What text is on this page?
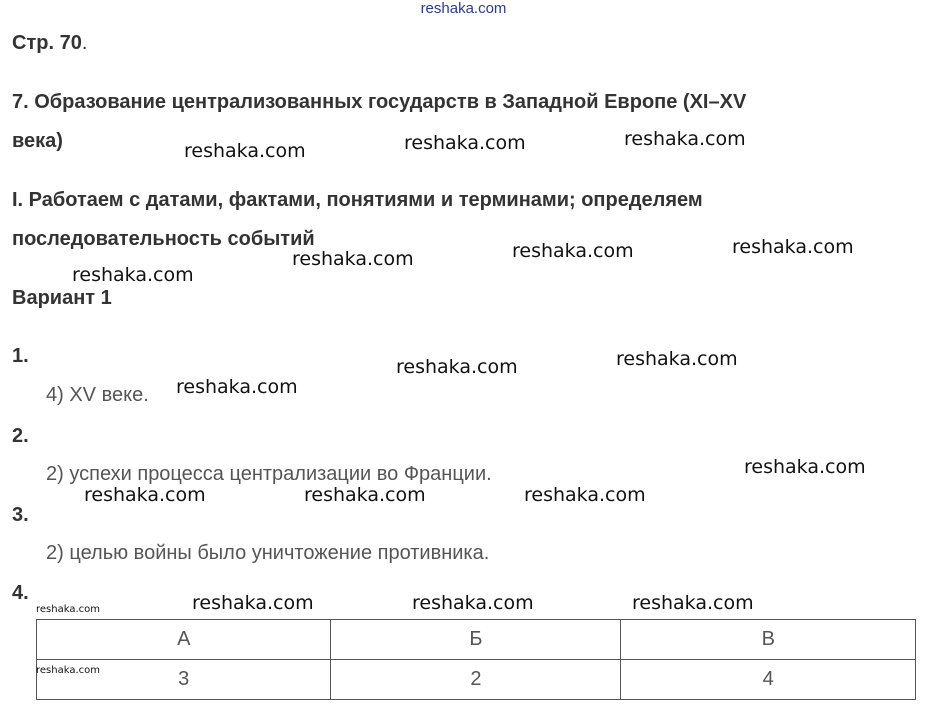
reshaka.com
Стр. 70.
7. Образование централизованных государств в Западной Европе (XI–XV
века)
I. Работаем с датами, фактами, понятиями и терминами; определяем
последовательность событий
Вариант 1
1.
4) XV веке.
2.
2) успехи процесса централизации во Франции.
3.
2) целью войны было уничтожение противника.
4.
А	Б	В
3	2	4
reshaka.com	reshaka.com	reshaka.com
reshaka.com	reshaka.com	reshaka.com
reshaka.com
reshaka.com	reshaka.com
reshaka.com
reshaka.com
reshaka.com	reshaka.com	reshaka.com
reshaka.com	reshaka.com	reshaka.com
reshaka.com
reshaka.com
